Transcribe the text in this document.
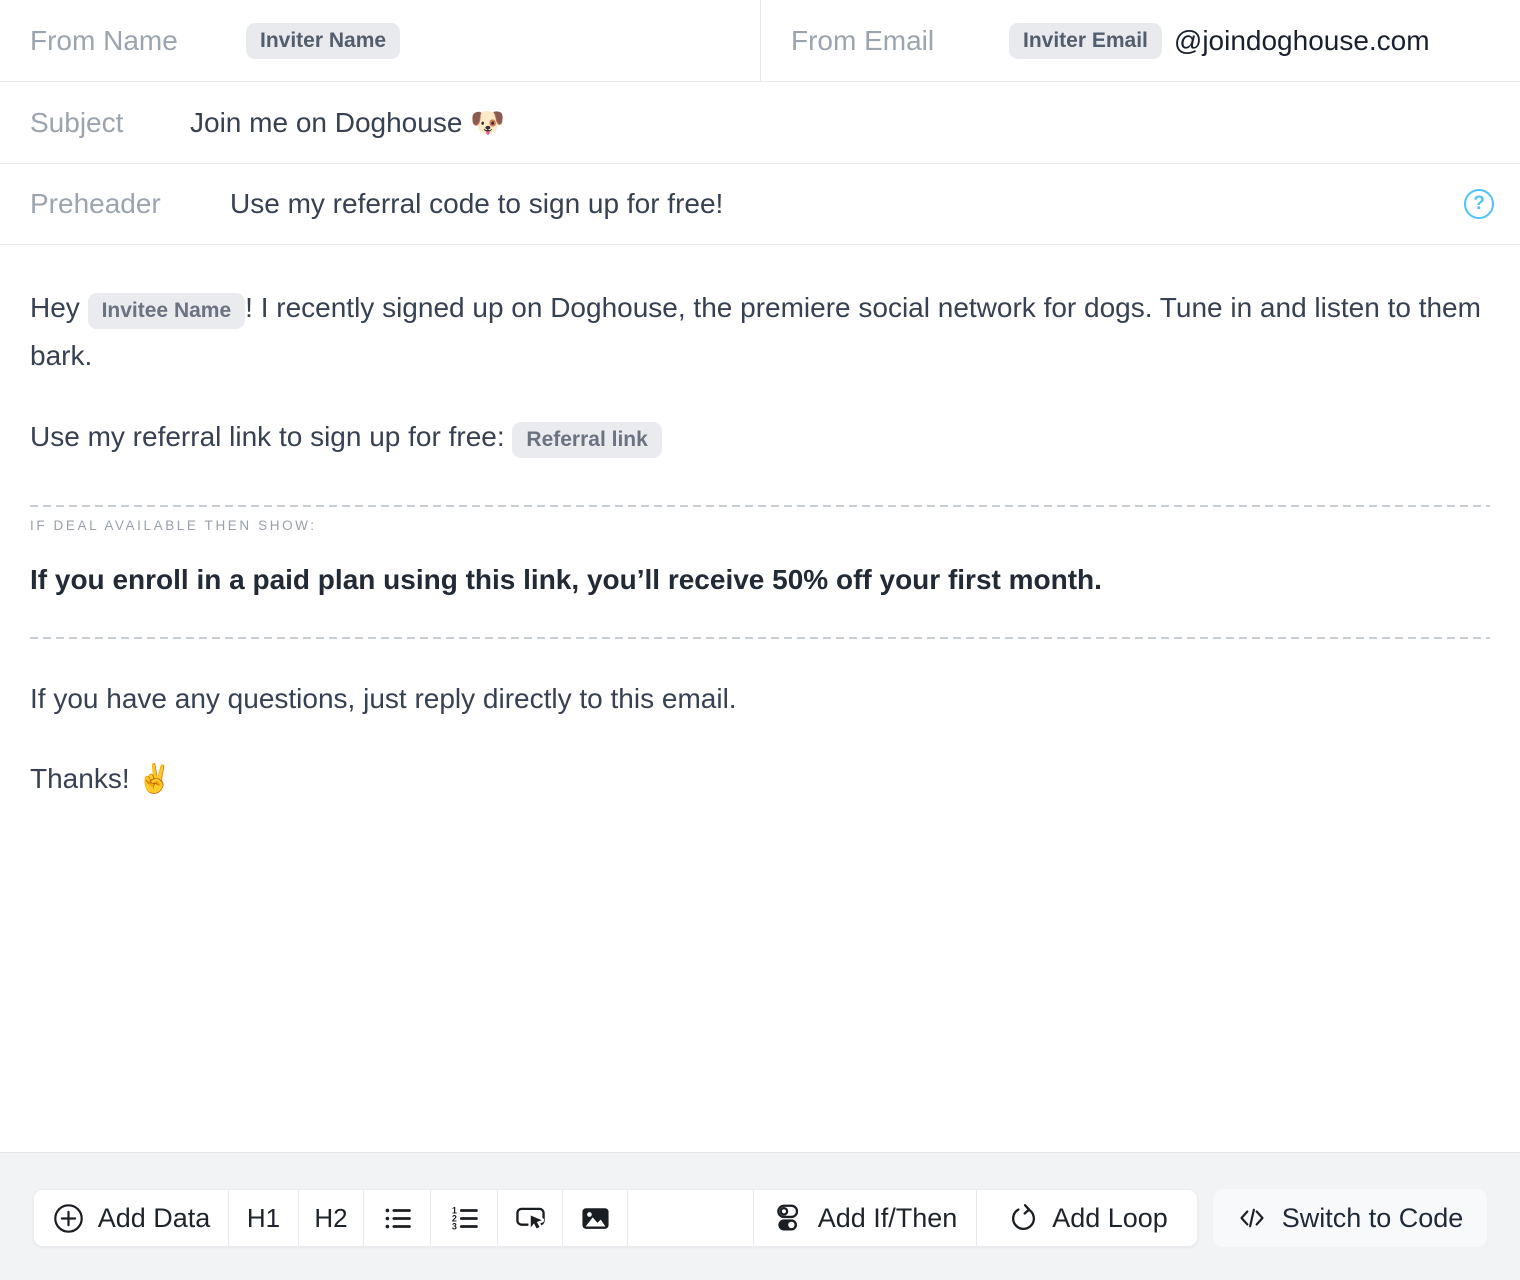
From Name	Inviter Name	From Email	Inviter Email @joindoghouse.com
Subject	Join me on Doghouse 🐶
Preheader	Use my referral code to sign up for free!	?

Hey Invitee Name ! I recently signed up on Doghouse, the premiere social network for dogs. Tune in and listen to them bark.

Use my referral link to sign up for free: Referral link

IF DEAL AVAILABLE THEN SHOW:

If you enroll in a paid plan using this link, you’ll receive 50% off your first month.

If you have any questions, just reply directly to this email.

Thanks! ✌️

Add Data H1 H2	1
2
3	Add If/Then	Add Loop	Switch to Code
